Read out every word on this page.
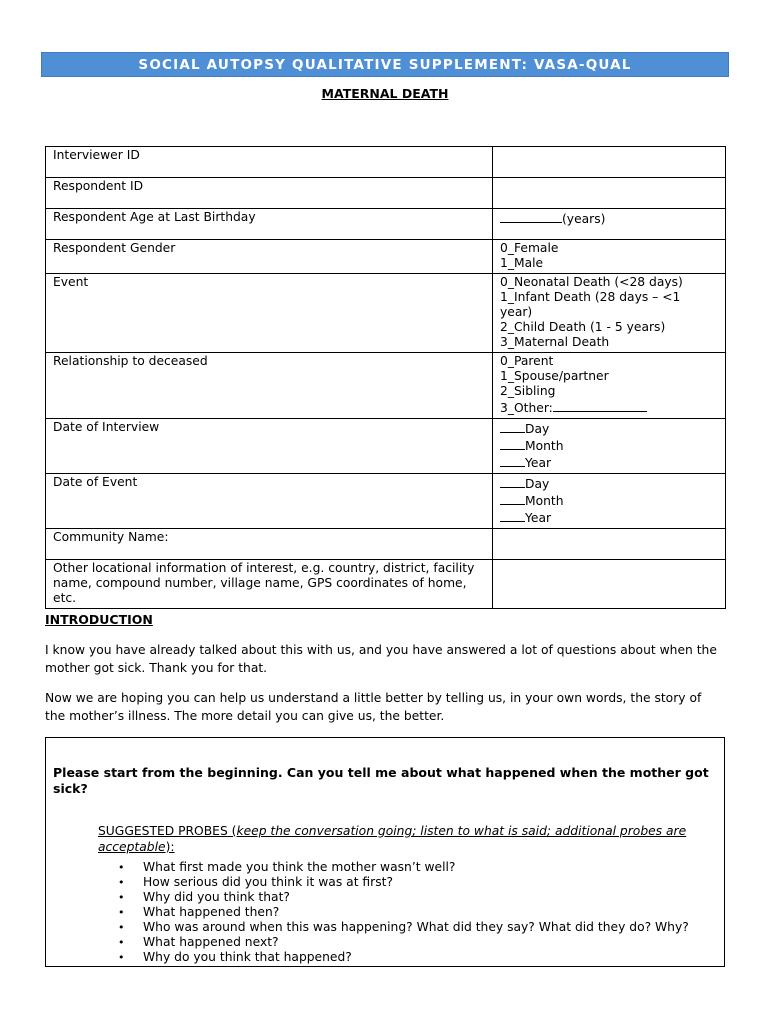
SOCIAL AUTOPSY QUALITATIVE SUPPLEMENT: VASA-QUAL
MATERNAL DEATH
Interviewer ID	
Respondent ID	
Respondent Age at Last Birthday	(years)
Respondent Gender	0_Female
1_Male

Event	0_Neonatal Death (<28 days)
1_Infant Death (28 days – <1
year)
2_Child Death (1 - 5 years)
3_Maternal Death

Relationship to deceased	0_Parent
1_Spouse/partner
2_Sibling
3_Other:

Date of Interview	Day
Month
Year

Date of Event	Day
Month
Year

Community Name:	
Other locational information of interest, e.g. country, district, facility name, compound number, village name, GPS coordinates of home, etc.	
INTRODUCTION
I know you have already talked about this with us, and you have answered a lot of questions about when the mother got sick. Thank you for that.
Now we are hoping you can help us understand a little better by telling us, in your own words, the story of the mother’s illness. The more detail you can give us, the better.
Please start from the beginning. Can you tell me about what happened when the mother got sick?
SUGGESTED PROBES (keep the conversation going; listen to what is said; additional probes are acceptable):
• What first made you think the mother wasn’t well?
• How serious did you think it was at first?
• Why did you think that?
• What happened then?
• Who was around when this was happening? What did they say? What did they do? Why?
• What happened next?
• Why do you think that happened?
